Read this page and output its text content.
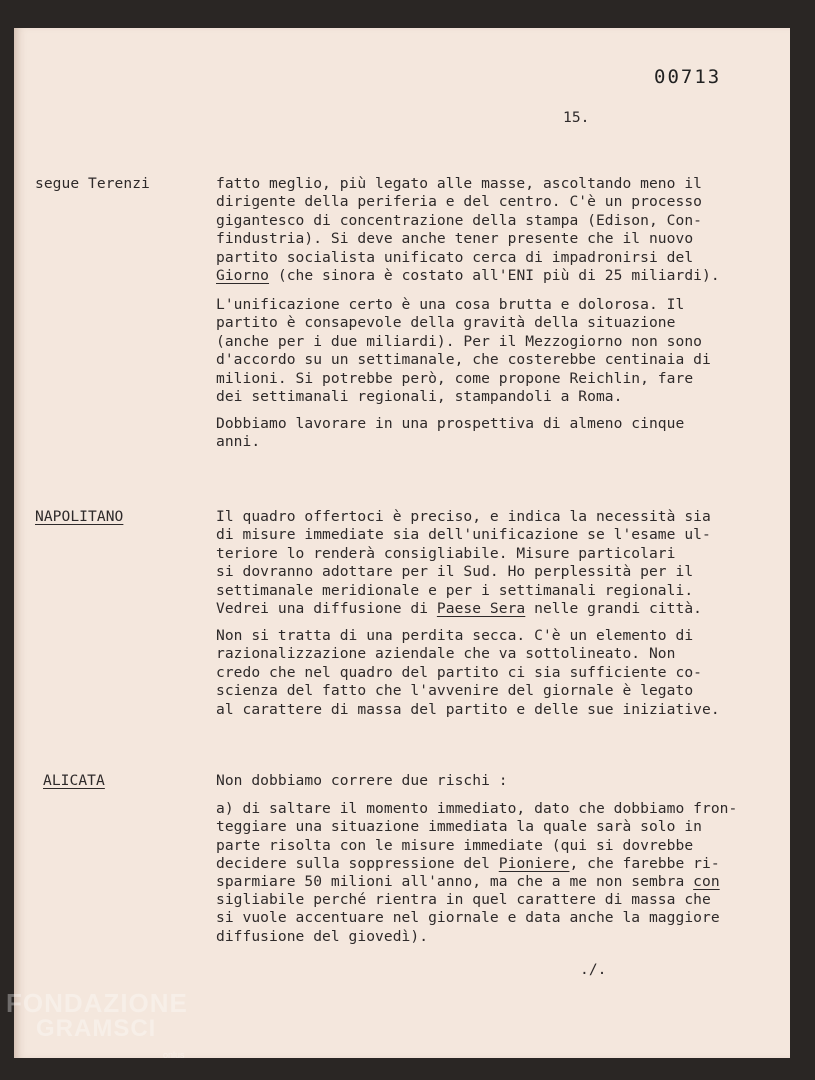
00713
15.
segue Terenzi	fatto meglio, più legato alle masse, ascoltando meno il
dirigente della periferia e del centro. C'è un processo
gigantesco di concentrazione della stampa (Edison, Con-
findustria). Si deve anche tener presente che il nuovo
partito socialista unificato cerca di impadronirsi del
Giorno (che sinora è costato all'ENI più di 25 miliardi).
L'unificazione certo è una cosa brutta e dolorosa. Il
partito è consapevole della gravità della situazione
(anche per i due miliardi). Per il Mezzogiorno non sono
d'accordo su un settimanale, che costerebbe centinaia di
milioni. Si potrebbe però, come propone Reichlin, fare
dei settimanali regionali, stampandoli a Roma.
Dobbiamo lavorare in una prospettiva di almeno cinque
anni.
NAPOLITANO	Il quadro offertoci è preciso, e indica la necessità sia
di misure immediate sia dell'unificazione se l'esame ul-
teriore lo renderà consigliabile. Misure particolari
si dovranno adottare per il Sud. Ho perplessità per il
settimanale meridionale e per i settimanali regionali.
Vedrei una diffusione di Paese Sera nelle grandi città.
Non si tratta di una perdita secca. C'è un elemento di
razionalizzazione aziendale che va sottolineato. Non
credo che nel quadro del partito ci sia sufficiente co-
scienza del fatto che l'avvenire del giornale è legato
al carattere di massa del partito e delle sue iniziative.
ALICATA	Non dobbiamo correre due rischi :
a) di saltare il momento immediato, dato che dobbiamo fron-
teggiare una situazione immediata la quale sarà solo in
parte risolta con le misure immediate (qui si dovrebbe
decidere sulla soppressione del Pioniere, che farebbe ri-
sparmiare 50 milioni all'anno, ma che a me non sembra con
sigliabile perché rientra in quel carattere di massa che
si vuole accentuare nel giornale e data anche la maggiore
diffusione del giovedì).
./.
FONDAZIONE
GRAMSCI
onlus
